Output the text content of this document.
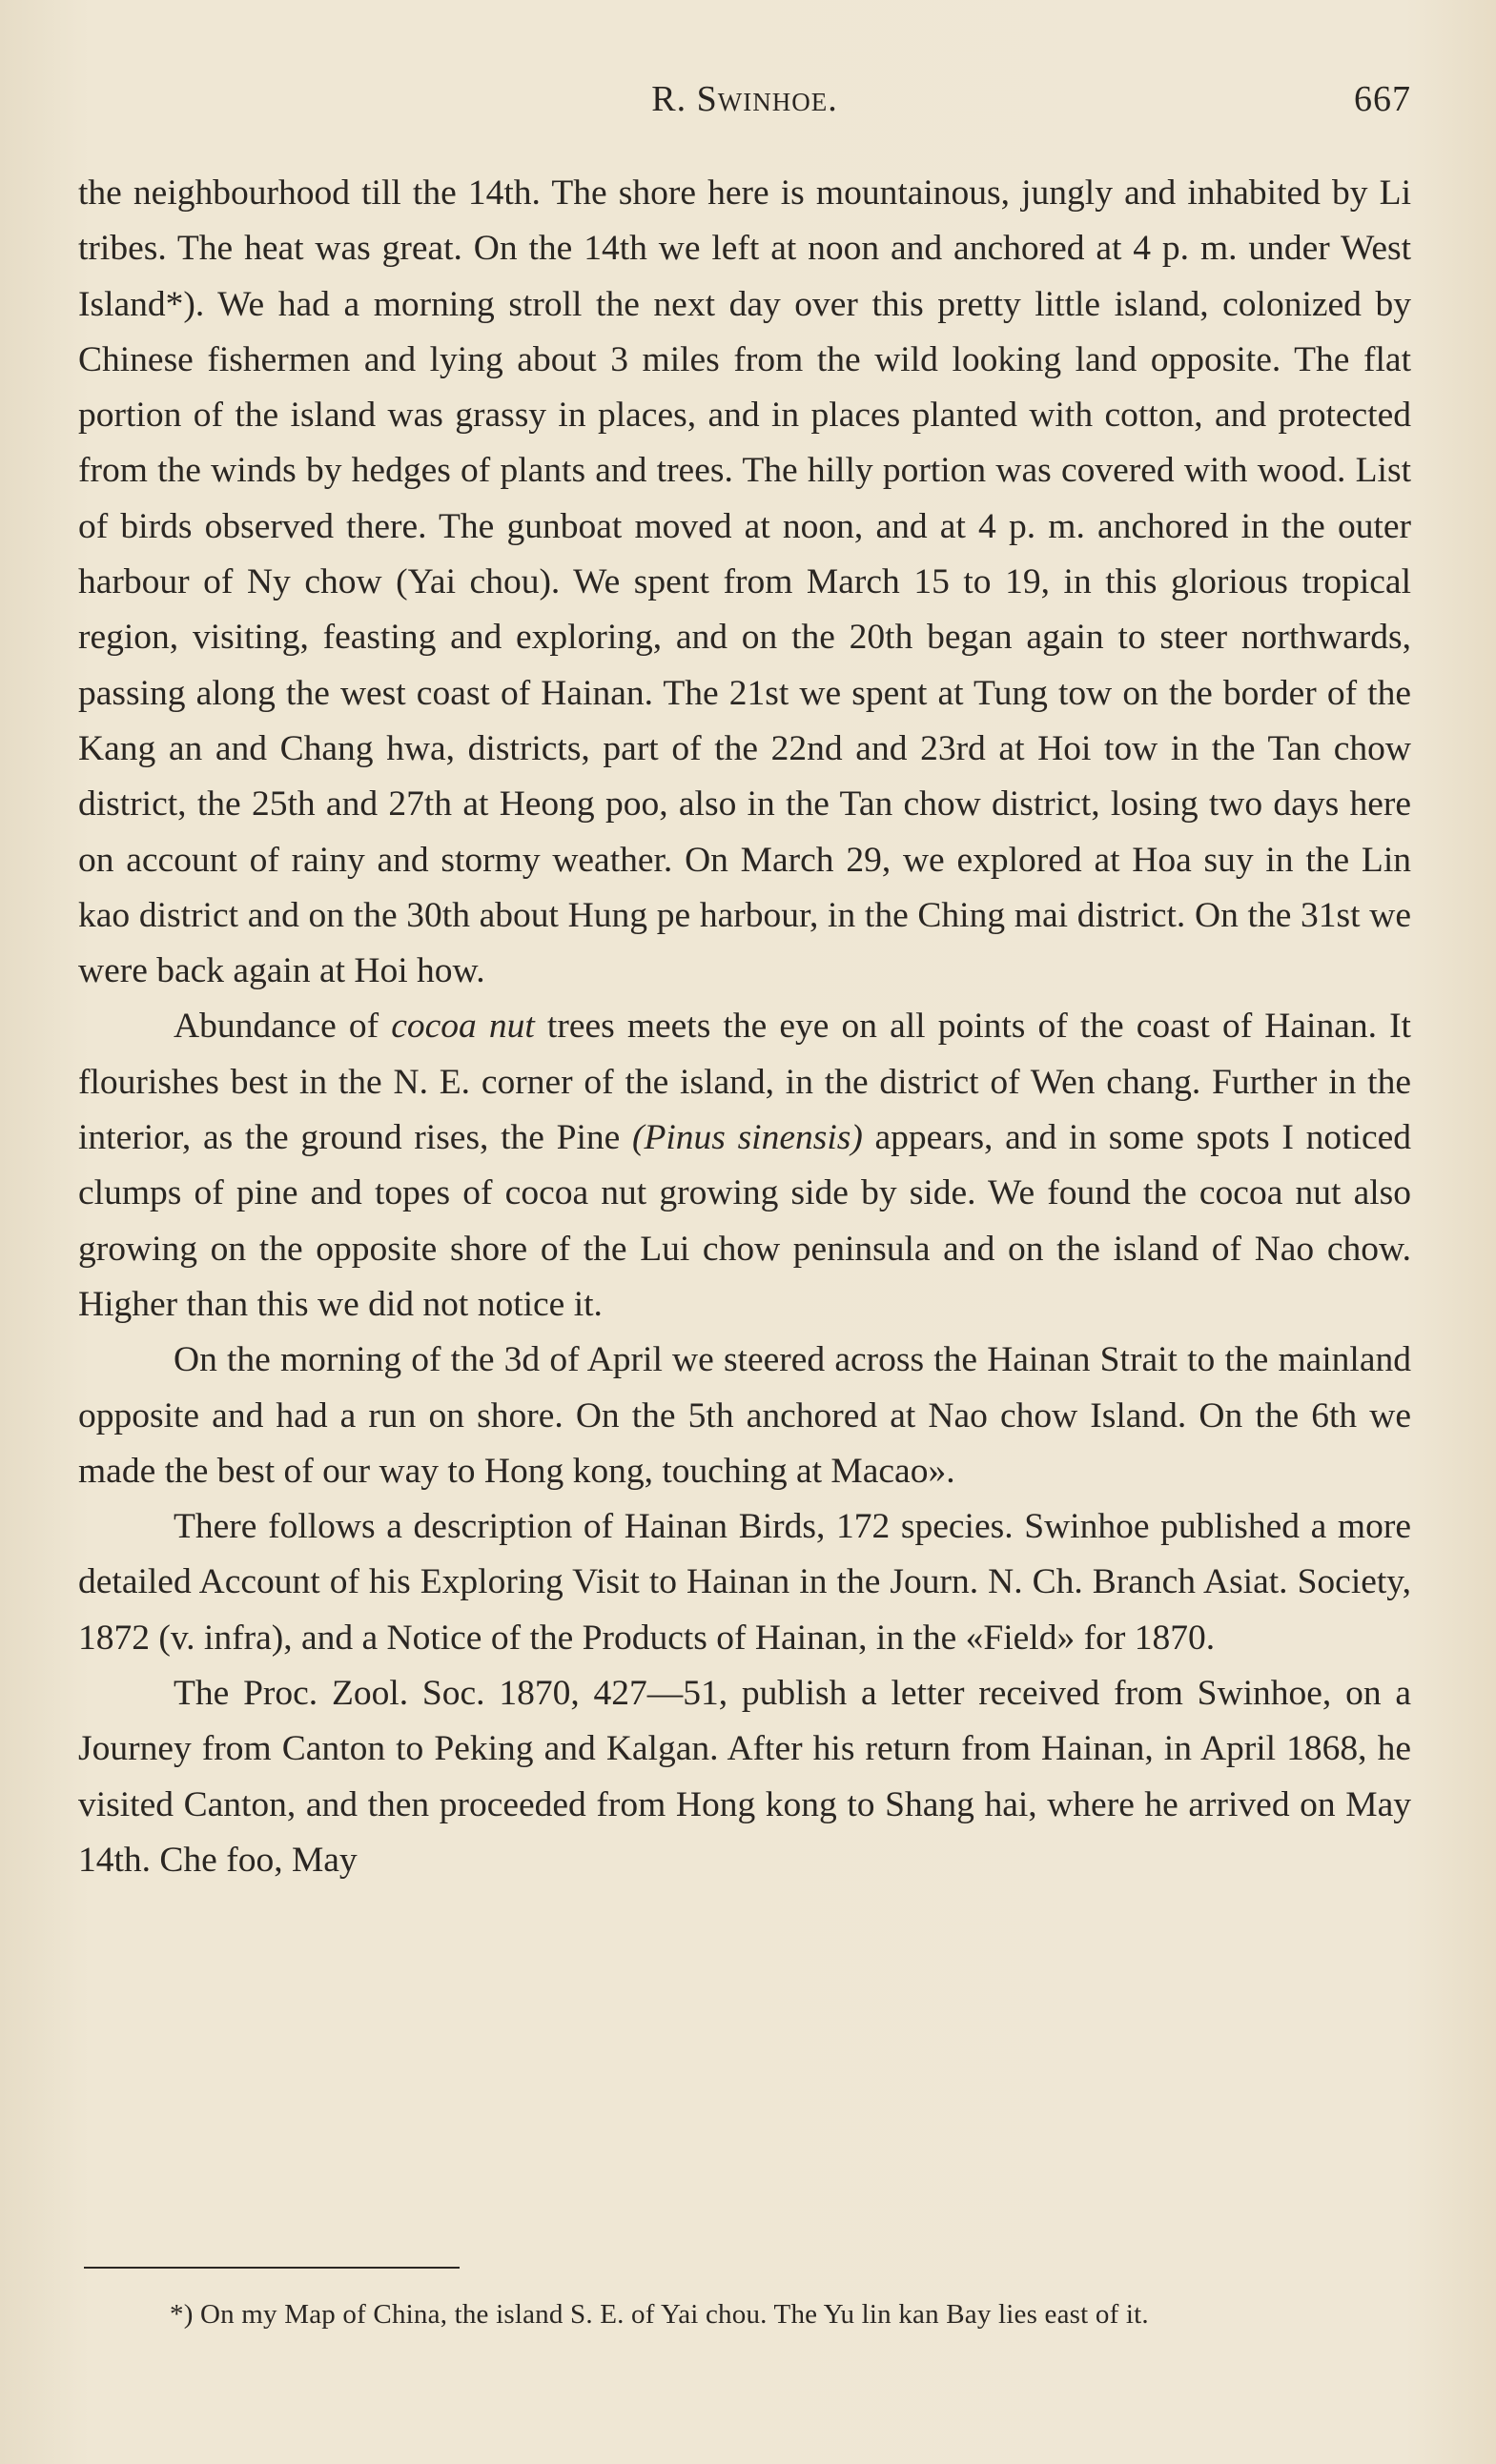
R. Swinhoe.	667

the neighbourhood till the 14th. The shore here is mountainous, jungly and inhabited by Li tribes. The heat was great. On the 14th we left at noon and anchored at 4 p. m. under West Island*). We had a morning stroll the next day over this pretty little island, colonized by Chinese fishermen and lying about 3 miles from the wild looking land opposite. The flat portion of the island was grassy in places, and in places planted with cotton, and protected from the winds by hedges of plants and trees. The hilly portion was covered with wood. List of birds observed there. The gunboat moved at noon, and at 4 p. m. anchored in the outer harbour of Ny chow (Yai chou). We spent from March 15 to 19, in this glorious tropical region, visiting, feasting and exploring, and on the 20th began again to steer northwards, passing along the west coast of Hainan. The 21st we spent at Tung tow on the border of the Kang an and Chang hwa, districts, part of the 22nd and 23rd at Hoi tow in the Tan chow district, the 25th and 27th at Heong poo, also in the Tan chow district, losing two days here on account of rainy and stormy weather. On March 29, we explored at Hoa suy in the Lin kao district and on the 30th about Hung pe harbour, in the Ching mai district. On the 31st we were back again at Hoi how.

Abundance of cocoa nut trees meets the eye on all points of the coast of Hainan. It flourishes best in the N. E. corner of the island, in the district of Wen chang. Further in the interior, as the ground rises, the Pine (Pinus sinensis) appears, and in some spots I noticed clumps of pine and topes of cocoa nut growing side by side. We found the cocoa nut also growing on the opposite shore of the Lui chow peninsula and on the island of Nao chow. Higher than this we did not notice it.

On the morning of the 3d of April we steered across the Hainan Strait to the mainland opposite and had a run on shore. On the 5th anchored at Nao chow Island. On the 6th we made the best of our way to Hong kong, touching at Macao».

There follows a description of Hainan Birds, 172 species. Swinhoe published a more detailed Account of his Exploring Visit to Hainan in the Journ. N. Ch. Branch Asiat. Society, 1872 (v. infra), and a Notice of the Products of Hainan, in the «Field» for 1870.

The Proc. Zool. Soc. 1870, 427—51, publish a letter received from Swinhoe, on a Journey from Canton to Peking and Kalgan. After his return from Hainan, in April 1868, he visited Canton, and then proceeded from Hong kong to Shang hai, where he arrived on May 14th. Che foo, May

*) On my Map of China, the island S. E. of Yai chou. The Yu lin kan Bay lies east of it.
